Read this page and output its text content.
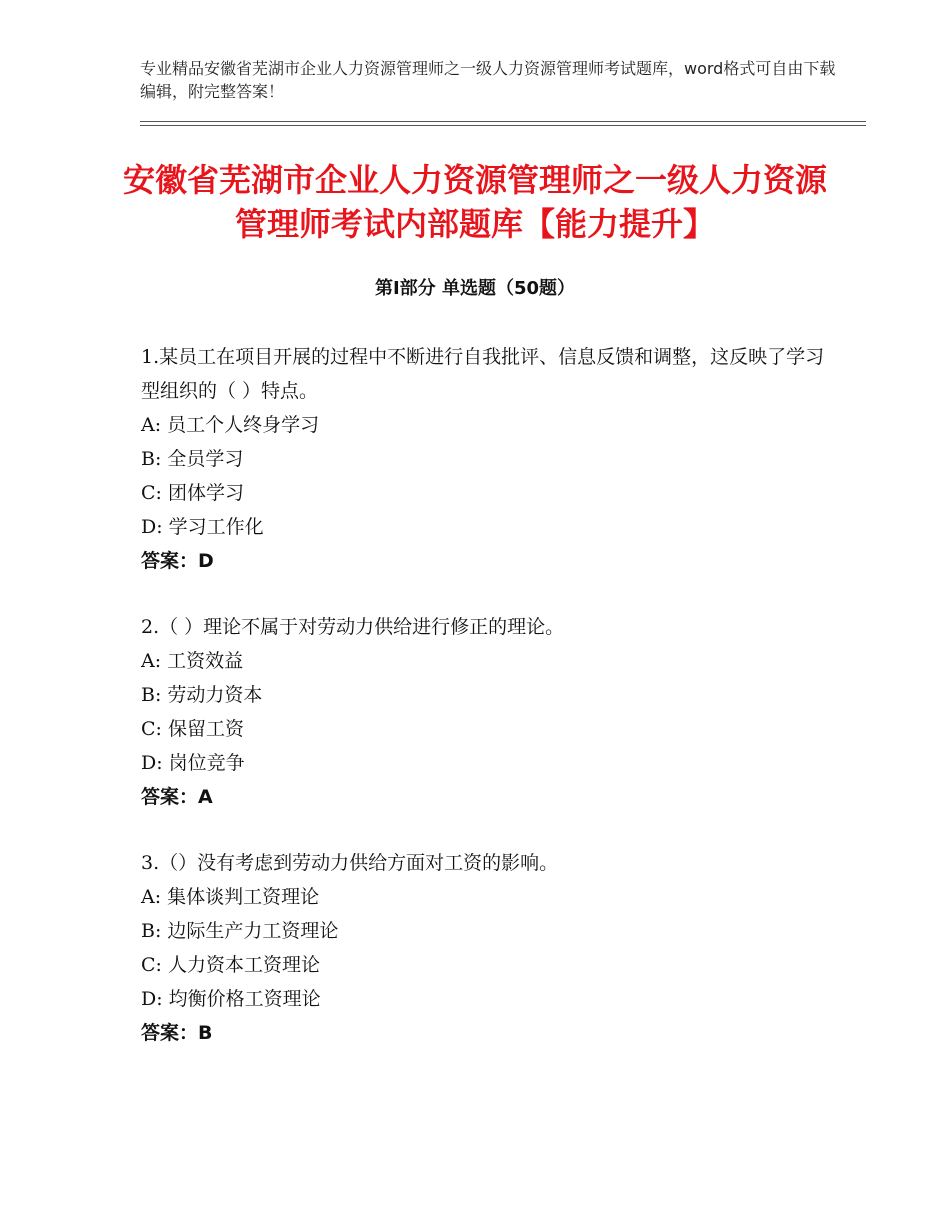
专业精品安徽省芜湖市企业人力资源管理师之一级人力资源管理师考试题库，word格式可自由下载编辑，附完整答案！
安徽省芜湖市企业人力资源管理师之一级人力资源管理师考试内部题库【能力提升】
第Ⅰ部分 单选题（50题）

1.某员工在项目开展的过程中不断进行自我批评、信息反馈和调整，这反映了学习型组织的（ ）特点。

A: 员工个人终身学习

B: 全员学习

C: 团体学习

D: 学习工作化

答案：D

2.（ ）理论不属于对劳动力供给进行修正的理论。

A: 工资效益

B: 劳动力资本

C: 保留工资

D: 岗位竞争

答案：A

3.（）没有考虑到劳动力供给方面对工资的影响。

A: 集体谈判工资理论

B: 边际生产力工资理论

C: 人力资本工资理论

D: 均衡价格工资理论

答案：B
